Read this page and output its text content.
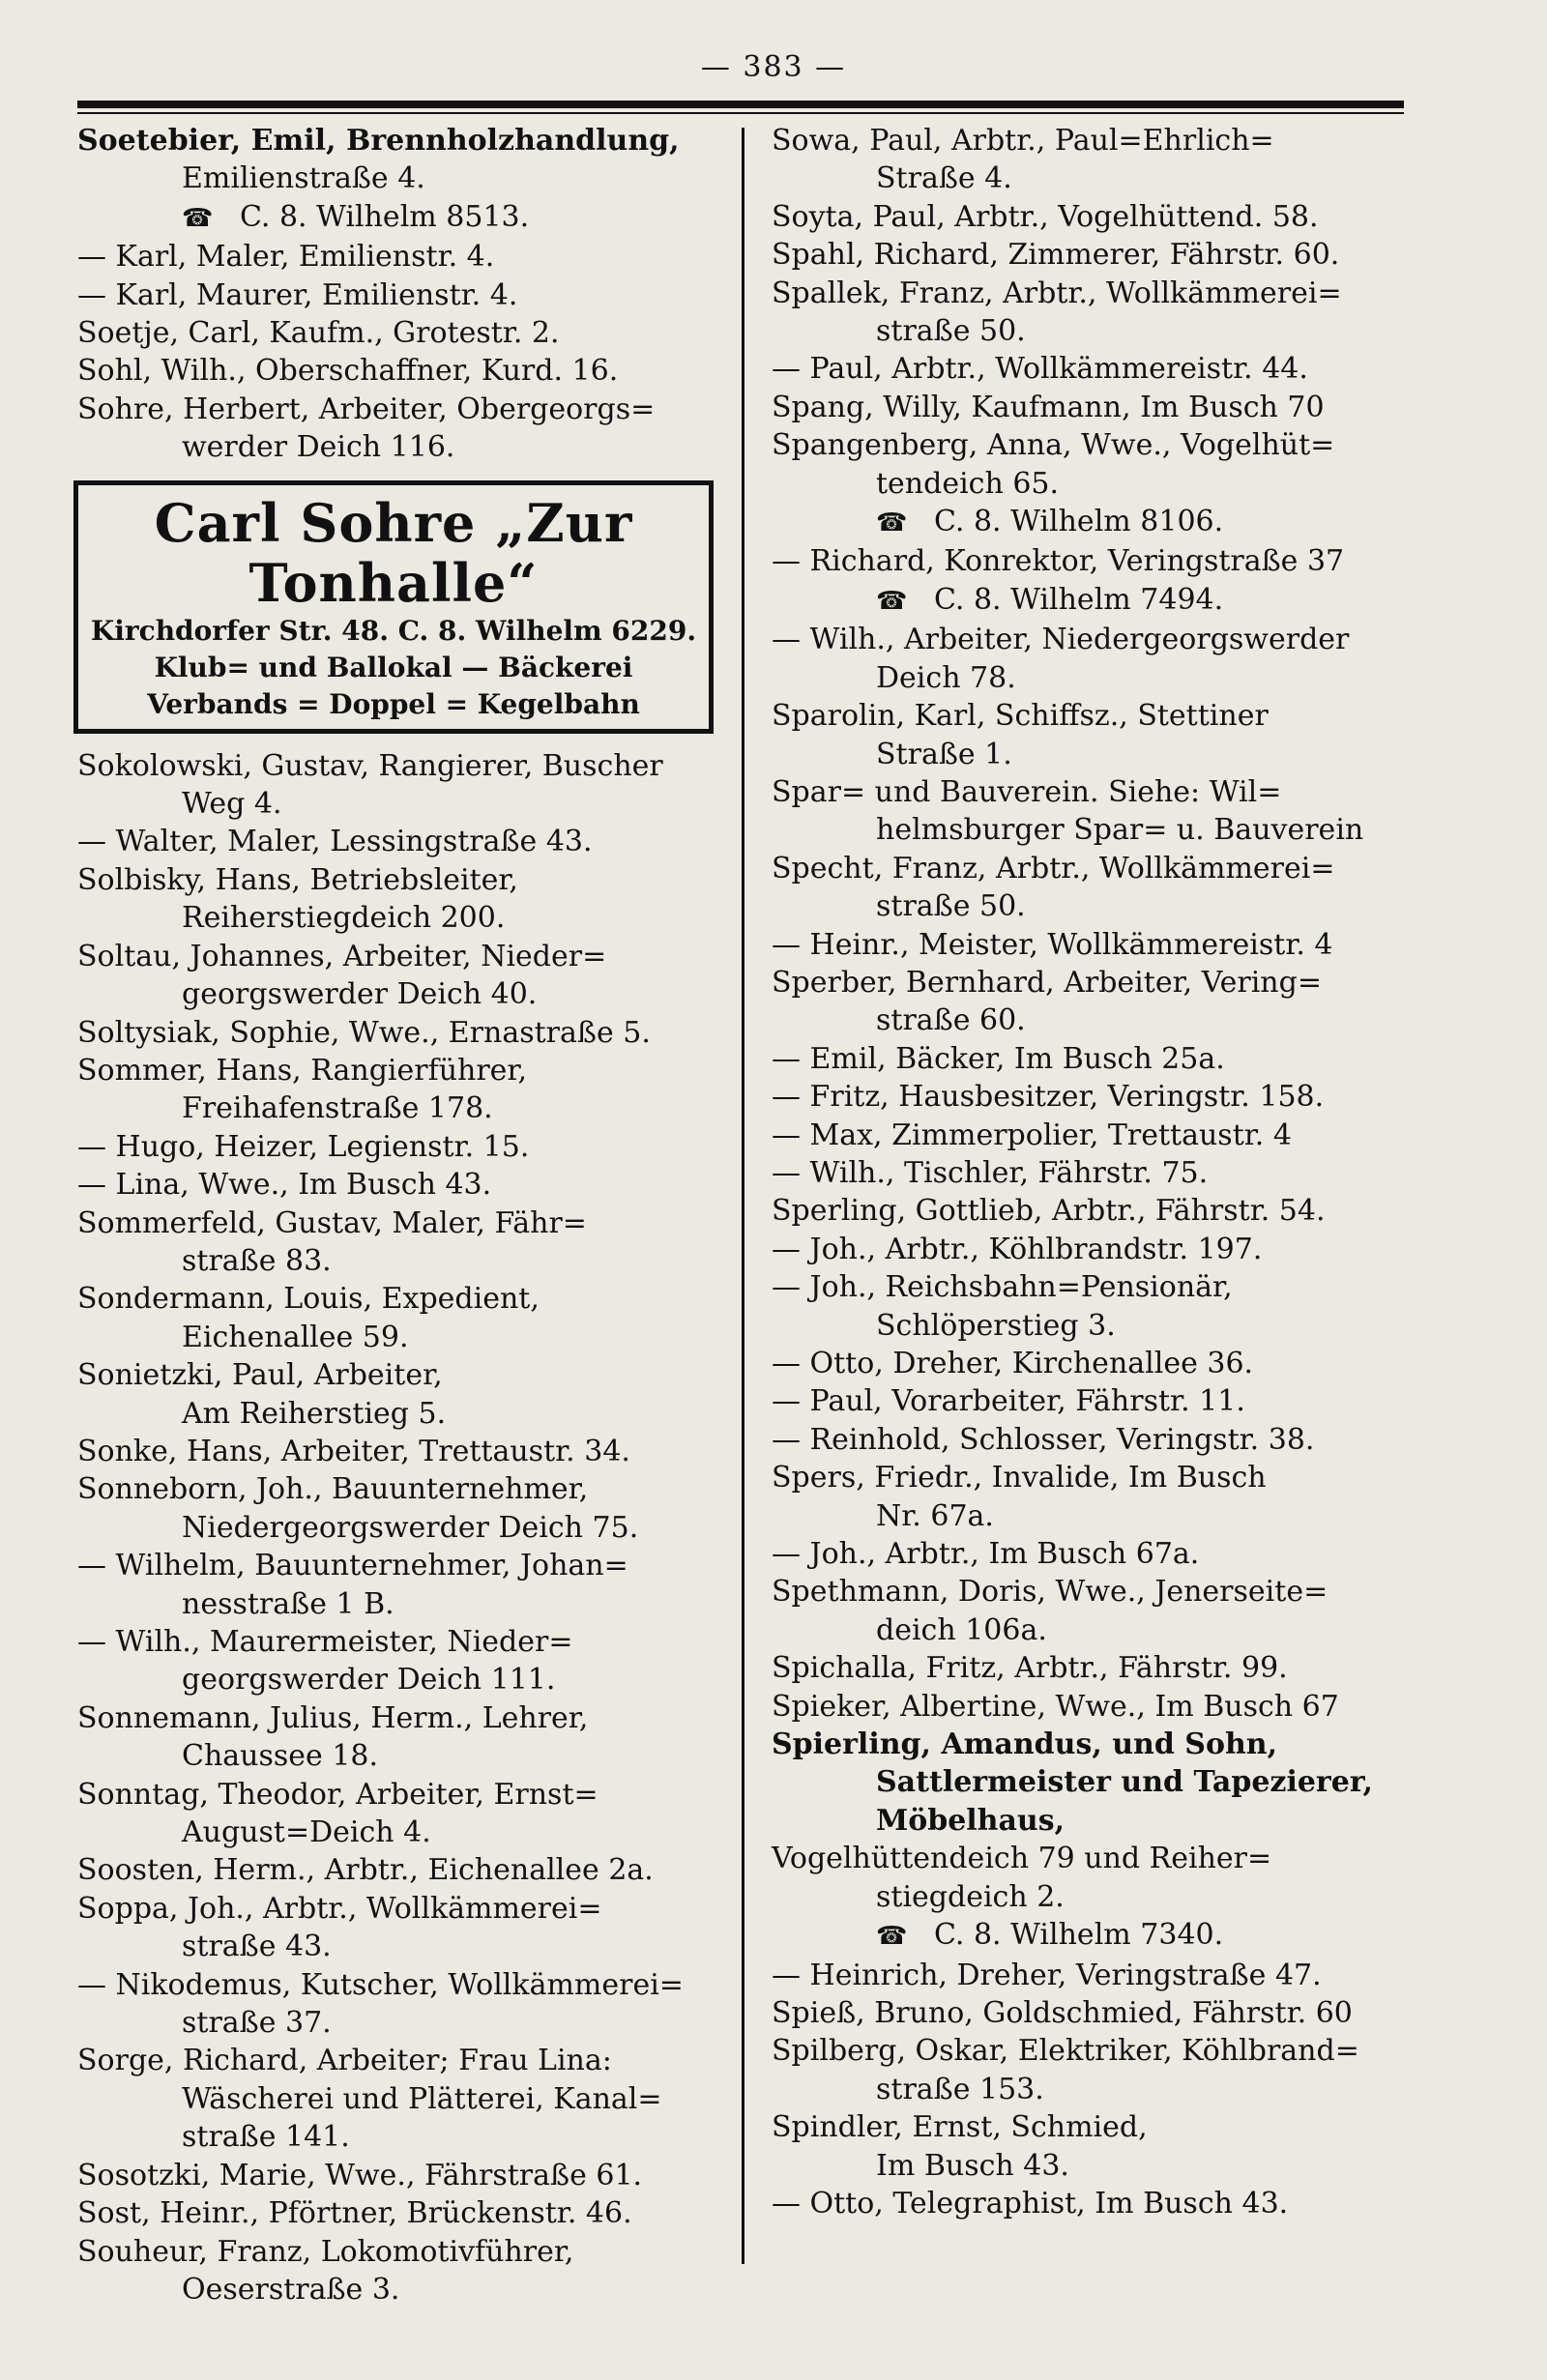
— 383 —
Soetebier, Emil, Brennholzhandlung,
Emilienstraße 4.
☎ C. 8. Wilhelm 8513.
— Karl, Maler, Emilienstr. 4.
— Karl, Maurer, Emilienstr. 4.
Soetje, Carl, Kaufm., Grotestr. 2.
Sohl, Wilh., Oberschaffner, Kurd. 16.
Sohre, Herbert, Arbeiter, Obergeorgs=
werder Deich 116.
Carl Sohre „Zur Tonhalle“
Kirchdorfer Str. 48. C. 8. Wilhelm 6229.
Klub= und Ballokal — Bäckerei
Verbands = Doppel = Kegelbahn
Sokolowski, Gustav, Rangierer, Buscher
Weg 4.
— Walter, Maler, Lessingstraße 43.
Solbisky, Hans, Betriebsleiter,
Reiherstiegdeich 200.
Soltau, Johannes, Arbeiter, Nieder=
georgswerder Deich 40.
Soltysiak, Sophie, Wwe., Ernastraße 5.
Sommer, Hans, Rangierführer,
Freihafenstraße 178.
— Hugo, Heizer, Legienstr. 15.
— Lina, Wwe., Im Busch 43.
Sommerfeld, Gustav, Maler, Fähr=
straße 83.
Sondermann, Louis, Expedient,
Eichenallee 59.
Sonietzki, Paul, Arbeiter,
Am Reiherstieg 5.
Sonke, Hans, Arbeiter, Trettaustr. 34.
Sonneborn, Joh., Bauunternehmer,
Niedergeorgswerder Deich 75.
— Wilhelm, Bauunternehmer, Johan=
nesstraße 1 B.
— Wilh., Maurermeister, Nieder=
georgswerder Deich 111.
Sonnemann, Julius, Herm., Lehrer,
Chaussee 18.
Sonntag, Theodor, Arbeiter, Ernst=
August=Deich 4.
Soosten, Herm., Arbtr., Eichenallee 2a.
Soppa, Joh., Arbtr., Wollkämmerei=
straße 43.
— Nikodemus, Kutscher, Wollkämmerei=
straße 37.
Sorge, Richard, Arbeiter; Frau Lina:
Wäscherei und Plätterei, Kanal=
straße 141.
Sosotzki, Marie, Wwe., Fährstraße 61.
Sost, Heinr., Pförtner, Brückenstr. 46.
Souheur, Franz, Lokomotivführer,
Oeserstraße 3.
Sowa, Paul, Arbtr., Paul=Ehrlich=
Straße 4.
Soyta, Paul, Arbtr., Vogelhüttend. 58.
Spahl, Richard, Zimmerer, Fährstr. 60.
Spallek, Franz, Arbtr., Wollkämmerei=
straße 50.
— Paul, Arbtr., Wollkämmereistr. 44.
Spang, Willy, Kaufmann, Im Busch 70
Spangenberg, Anna, Wwe., Vogelhüt=
tendeich 65.
☎ C. 8. Wilhelm 8106.
— Richard, Konrektor, Veringstraße 37
☎ C. 8. Wilhelm 7494.
— Wilh., Arbeiter, Niedergeorgswerder
Deich 78.
Sparolin, Karl, Schiffsz., Stettiner
Straße 1.
Spar= und Bauverein. Siehe: Wil=
helmsburger Spar= u. Bauverein
Specht, Franz, Arbtr., Wollkämmerei=
straße 50.
— Heinr., Meister, Wollkämmereistr. 4
Sperber, Bernhard, Arbeiter, Vering=
straße 60.
— Emil, Bäcker, Im Busch 25a.
— Fritz, Hausbesitzer, Veringstr. 158.
— Max, Zimmerpolier, Trettaustr. 4
— Wilh., Tischler, Fährstr. 75.
Sperling, Gottlieb, Arbtr., Fährstr. 54.
— Joh., Arbtr., Köhlbrandstr. 197.
— Joh., Reichsbahn=Pensionär,
Schlöperstieg 3.
— Otto, Dreher, Kirchenallee 36.
— Paul, Vorarbeiter, Fährstr. 11.
— Reinhold, Schlosser, Veringstr. 38.
Spers, Friedr., Invalide, Im Busch
Nr. 67a.
— Joh., Arbtr., Im Busch 67a.
Spethmann, Doris, Wwe., Jenerseite=
deich 106a.
Spichalla, Fritz, Arbtr., Fährstr. 99.
Spieker, Albertine, Wwe., Im Busch 67
Spierling, Amandus, und Sohn,
Sattlermeister und Tapezierer,
Möbelhaus,
Vogelhüttendeich 79 und Reiher=
stiegdeich 2.
☎ C. 8. Wilhelm 7340.
— Heinrich, Dreher, Veringstraße 47.
Spieß, Bruno, Goldschmied, Fährstr. 60
Spilberg, Oskar, Elektriker, Köhlbrand=
straße 153.
Spindler, Ernst, Schmied,
Im Busch 43.
— Otto, Telegraphist, Im Busch 43.
